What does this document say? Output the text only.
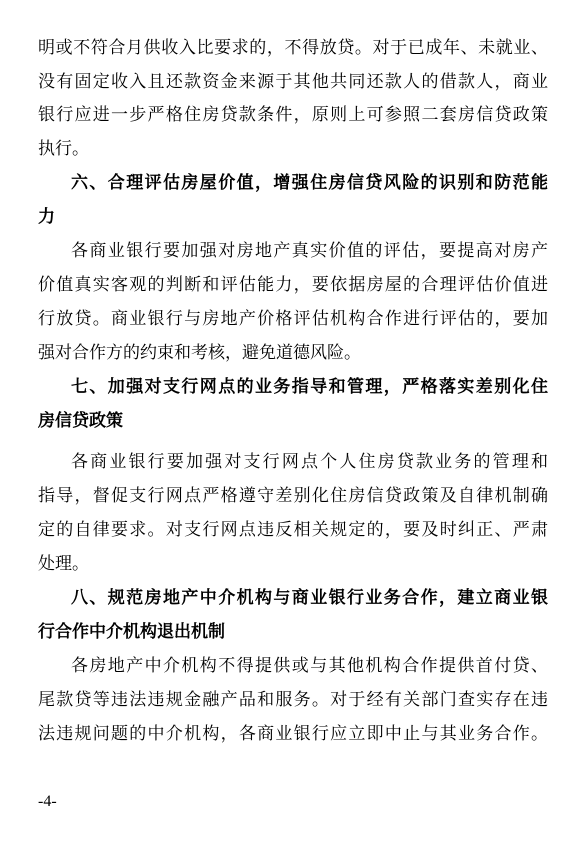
明或不符合月供收入比要求的，不得放贷。对于已成年、未就业、
没有固定收入且还款资金来源于其他共同还款人的借款人，商业
银行应进一步严格住房贷款条件，原则上可参照二套房信贷政策
执行。
六、合理评估房屋价值，增强住房信贷风险的识别和防范能
力
各商业银行要加强对房地产真实价值的评估，要提高对房产
价值真实客观的判断和评估能力，要依据房屋的合理评估价值进
行放贷。商业银行与房地产价格评估机构合作进行评估的，要加
强对合作方的约束和考核，避免道德风险。
七、加强对支行网点的业务指导和管理，严格落实差别化住
房信贷政策
各商业银行要加强对支行网点个人住房贷款业务的管理和
指导，督促支行网点严格遵守差别化住房信贷政策及自律机制确
定的自律要求。对支行网点违反相关规定的，要及时纠正、严肃
处理。
八、规范房地产中介机构与商业银行业务合作，建立商业银
行合作中介机构退出机制
各房地产中介机构不得提供或与其他机构合作提供首付贷、
尾款贷等违法违规金融产品和服务。对于经有关部门查实存在违
法违规问题的中介机构，各商业银行应立即中止与其业务合作。
-4-
